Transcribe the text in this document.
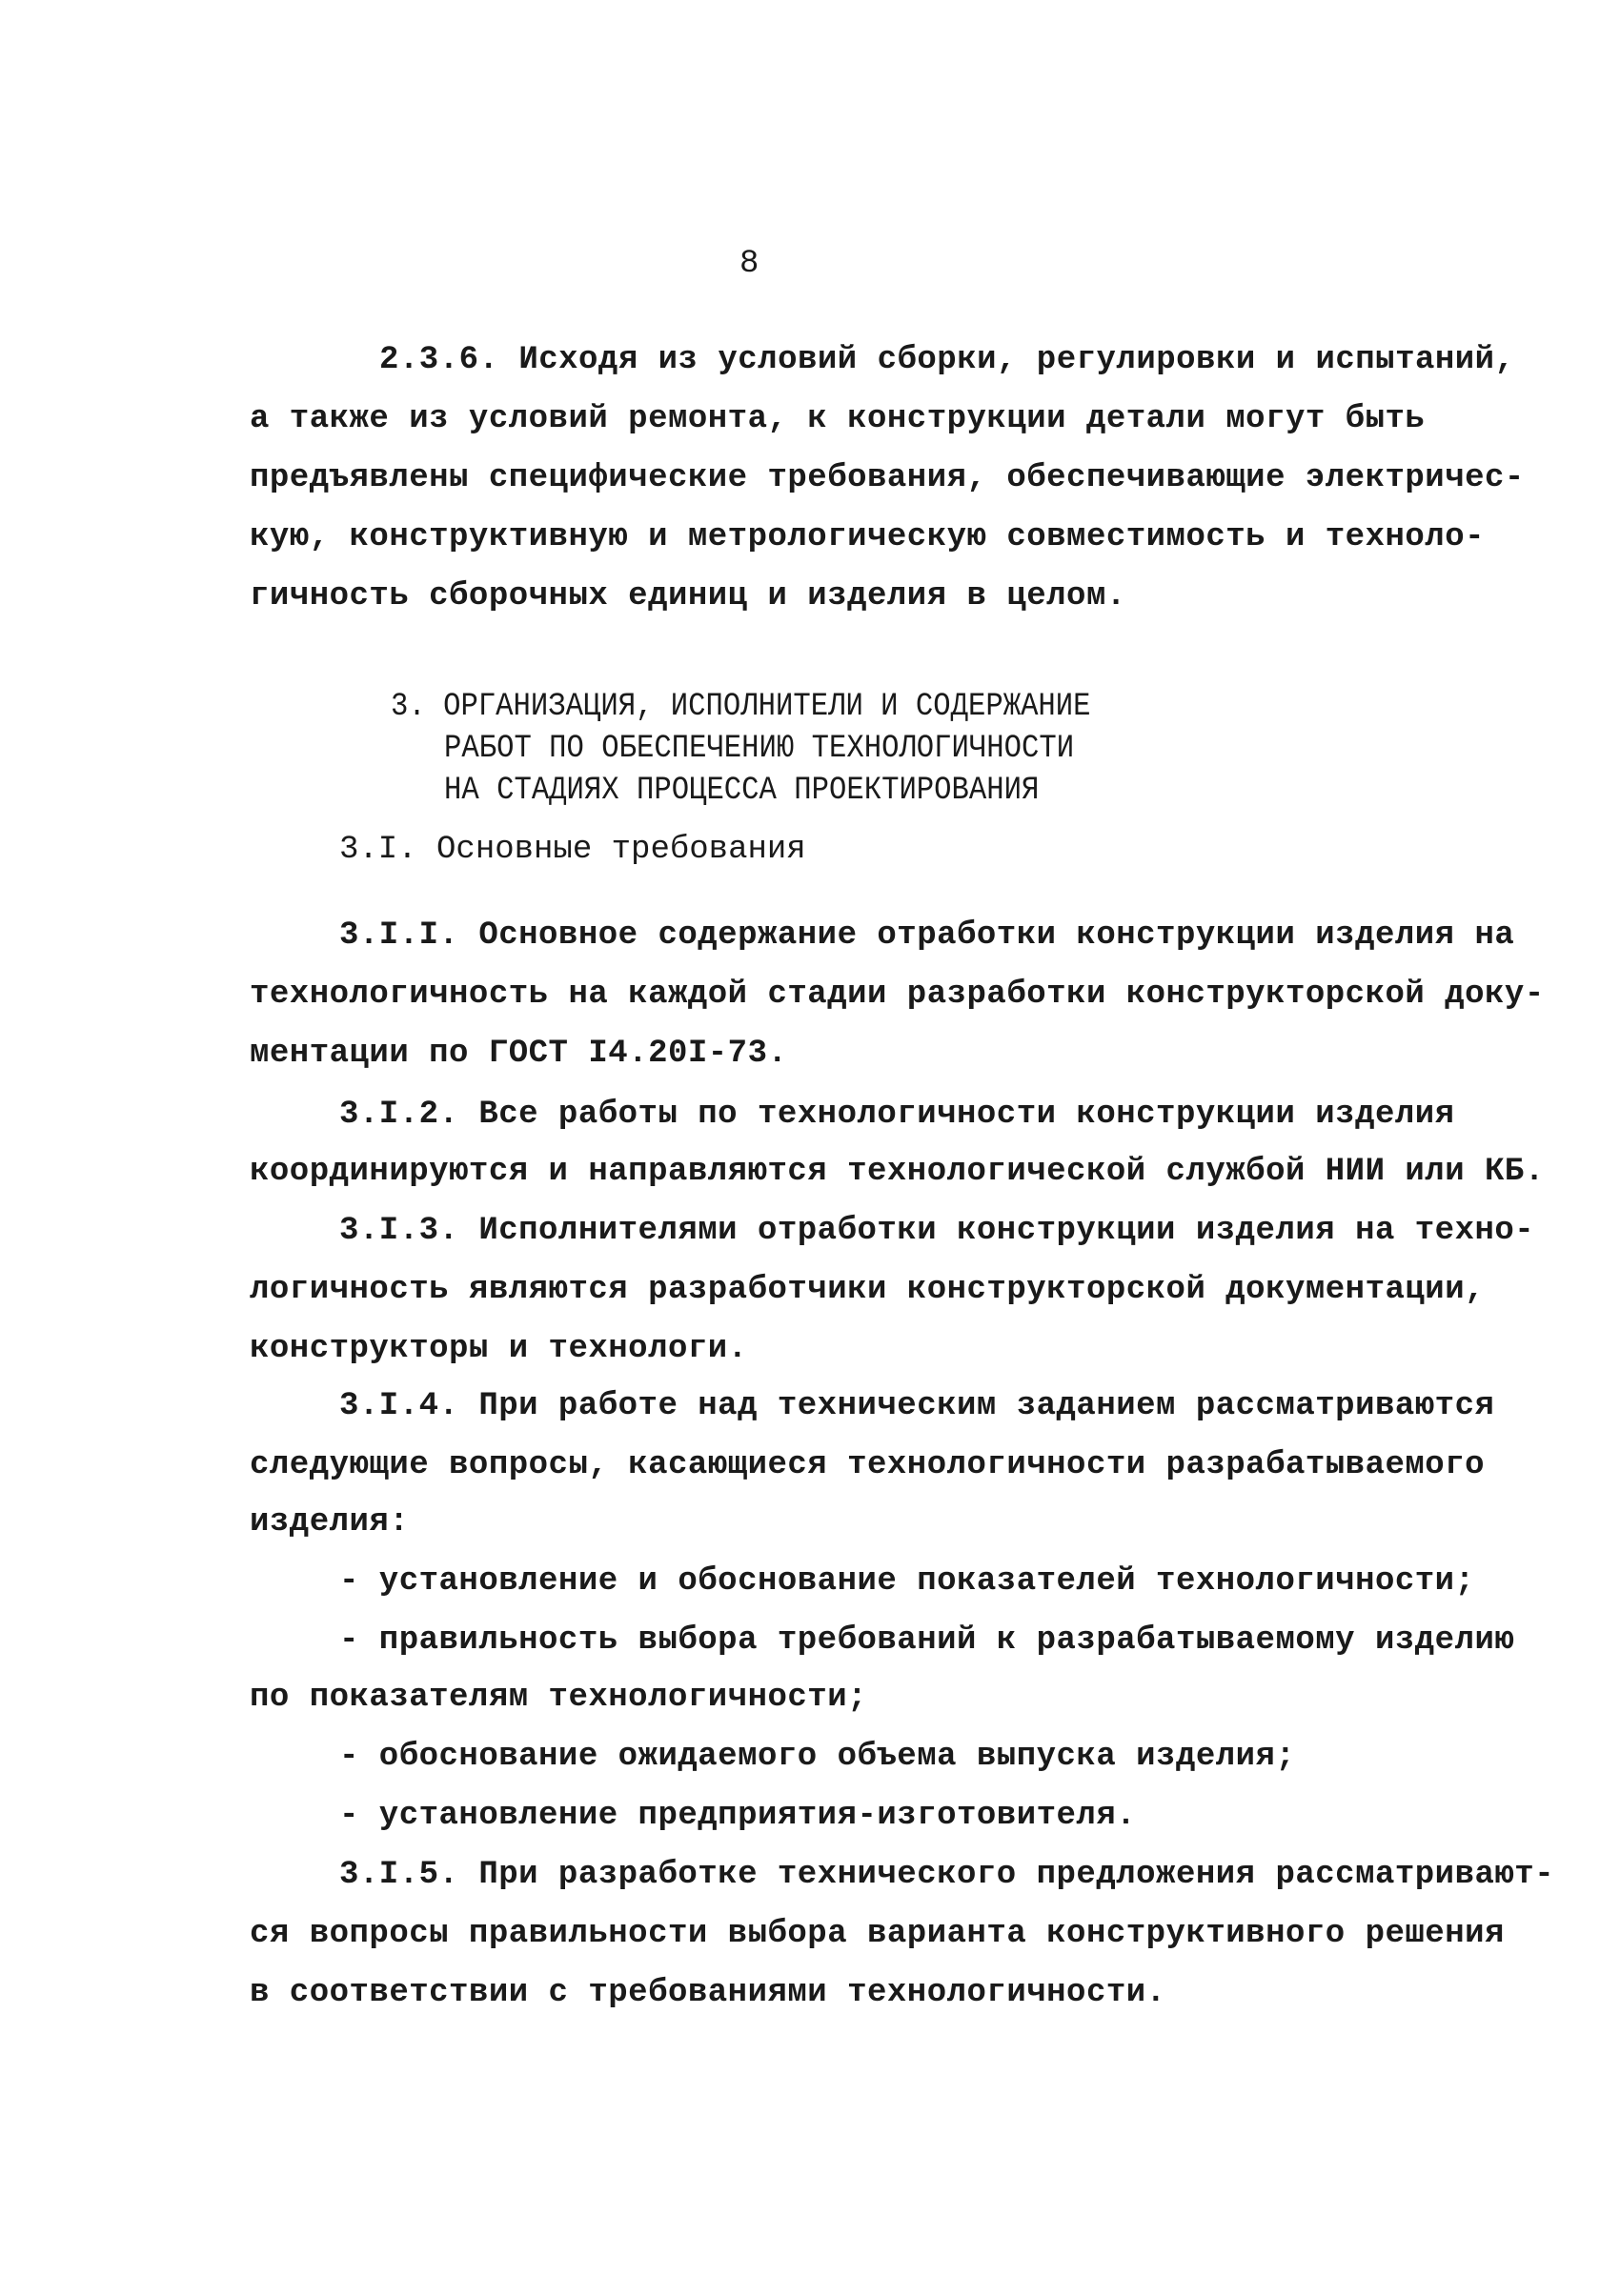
8
2.3.6. Исходя из условий сборки, регулировки и испытаний,
а также из условий ремонта, к конструкции детали могут быть
предъявлены специфические требования, обеспечивающие электричес-
кую, конструктивную и метрологическую совместимость и техноло-
гичность сборочных единиц и изделия в целом.
3. ОРГАНИЗАЦИЯ, ИСПОЛНИТЕЛИ И СОДЕРЖАНИЕ
РАБОТ ПО ОБЕСПЕЧЕНИЮ ТЕХНОЛОГИЧНОСТИ
НА СТАДИЯХ ПРОЦЕССА ПРОЕКТИРОВАНИЯ
3.I. Основные требования
3.I.I. Основное содержание отработки конструкции изделия на
технологичность на каждой стадии разработки конструкторской доку-
ментации по ГОСТ I4.20I-73.
3.I.2. Все работы по технологичности конструкции изделия
координируются и направляются технологической службой НИИ или КБ.
3.I.3. Исполнителями отработки конструкции изделия на техно-
логичность являются разработчики конструкторской документации,
конструкторы и технологи.
3.I.4. При работе над техническим заданием рассматриваются
следующие вопросы, касающиеся технологичности разрабатываемого
изделия:
- установление и обоснование показателей технологичности;
- правильность выбора требований к разрабатываемому изделию
по показателям технологичности;
- обоснование ожидаемого объема выпуска изделия;
- установление предприятия-изготовителя.
3.I.5. При разработке технического предложения рассматривают-
ся вопросы правильности выбора варианта конструктивного решения
в соответствии с требованиями технологичности.
